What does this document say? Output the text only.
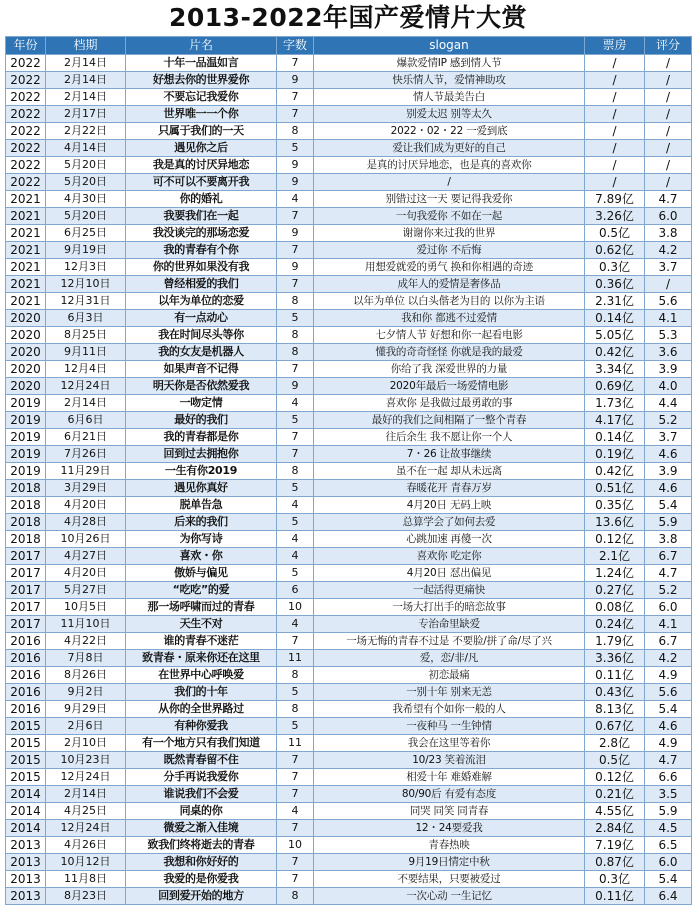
2013-2022年国产爱情片大赏
年份	档期	片名	字数	slogan	票房	评分
2022	2月14日	十年一品温如言	7	爆款爱情IP 感到情人节	/	/
2022	2月14日	好想去你的世界爱你	9	快乐情人节，爱情神助攻	/	/
2022	2月14日	不要忘记我爱你	7	情人节最美告白	/	/
2022	2月17日	世界唯一一个你	7	别爱太迟 别等太久	/	/
2022	2月22日	只属于我们的一天	8	2022・02・22 一爱到底	/	/
2022	4月14日	遇见你之后	5	爱让我们成为更好的自己	/	/
2022	5月20日	我是真的讨厌异地恋	9	是真的讨厌异地恋，也是真的喜欢你	/	/
2022	5月20日	可不可以不要离开我	9	/	/	/
2021	4月30日	你的婚礼	4	别错过这一天 要记得我爱你	7.89亿	4.7
2021	5月20日	我要我们在一起	7	一句我爱你 不如在一起	3.26亿	6.0
2021	6月25日	我没谈完的那场恋爱	9	谢谢你来过我的世界	0.5亿	3.8
2021	9月19日	我的青春有个你	7	爱过你 不后悔	0.62亿	4.2
2021	12月3日	你的世界如果没有我	9	用想爱就爱的勇气 换和你相遇的奇迹	0.3亿	3.7
2021	12月10日	曾经相爱的我们	7	成年人的爱情是奢侈品	0.36亿	/
2021	12月31日	以年为单位的恋爱	8	以年为单位 以白头偕老为目的 以你为主语	2.31亿	5.6
2020	6月3日	有一点动心	5	我和你 都逃不过爱情	0.14亿	4.1
2020	8月25日	我在时间尽头等你	8	七夕情人节 好想和你一起看电影	5.05亿	5.3
2020	9月11日	我的女友是机器人	8	懂我的奇奇怪怪 你就是我的最爱	0.42亿	3.6
2020	12月4日	如果声音不记得	7	你给了我 深爱世界的力量	3.34亿	3.9
2020	12月24日	明天你是否依然爱我	9	2020年最后一场爱情电影	0.69亿	4.0
2019	2月14日	一吻定情	4	喜欢你 是我做过最勇敢的事	1.73亿	4.4
2019	6月6日	最好的我们	5	最好的我们之间相隔了一整个青春	4.17亿	5.2
2019	6月21日	我的青春都是你	7	往后余生 我不愿让你一个人	0.14亿	3.7
2019	7月26日	回到过去拥抱你	7	7・26 让故事继续	0.19亿	4.6
2019	11月29日	一生有你2019	8	虽不在一起 却从未远离	0.42亿	3.9
2018	3月29日	遇见你真好	5	春暖花开 青春万岁	0.51亿	4.6
2018	4月20日	脱单告急	4	4月20日 无码上映	0.35亿	5.4
2018	4月28日	后来的我们	5	总算学会了如何去爱	13.6亿	5.9
2018	10月26日	为你写诗	4	心跳加速 再傻一次	0.12亿	3.8
2017	4月27日	喜欢・你	4	喜欢你 吃定你	2.1亿	6.7
2017	4月20日	傲娇与偏见	5	4月20日 怼出偏见	1.24亿	4.7
2017	5月27日	“吃吃”的爱	6	一起活得更痛快	0.27亿	5.2
2017	10月5日	那一场呼啸而过的青春	10	一场大打出手的暗恋故事	0.08亿	6.0
2017	11月10日	天生不对	4	专治命里缺爱	0.24亿	4.1
2016	4月22日	谁的青春不迷茫	7	一场无悔的青春不过是 不要脸/拼了命/尽了兴	1.79亿	6.7
2016	7月8日	致青春・原来你还在这里	11	爱，恋/非/凡	3.36亿	4.2
2016	8月26日	在世界中心呼唤爱	8	初恋最痛	0.11亿	4.9
2016	9月2日	我们的十年	5	一别十年 别来无恙	0.43亿	5.6
2016	9月29日	从你的全世界路过	8	我希望有个如你一般的人	8.13亿	5.4
2015	2月6日	有种你爱我	5	一夜种马 一生钟情	0.67亿	4.6
2015	2月10日	有一个地方只有我们知道	11	我会在这里等着你	2.8亿	4.9
2015	10月23日	既然青春留不住	7	10/23 笑着流泪	0.5亿	4.7
2015	12月24日	分手再说我爱你	7	相爱十年 难婚难解	0.12亿	6.6
2014	2月14日	谁说我们不会爱	7	80/90后 有爱有态度	0.21亿	3.5
2014	4月25日	同桌的你	4	同哭 同笑 同青春	4.55亿	5.9
2014	12月24日	微爱之渐入佳境	7	12・24要爱我	2.84亿	4.5
2013	4月26日	致我们终将逝去的青春	10	青春热映	7.19亿	6.5
2013	10月12日	我想和你好好的	7	9月19日情定中秋	0.87亿	6.0
2013	11月8日	我爱的是你爱我	7	不要结果，只要被爱过	0.3亿	5.4
2013	8月23日	回到爱开始的地方	8	一次心动 一生记忆	0.11亿	6.4
